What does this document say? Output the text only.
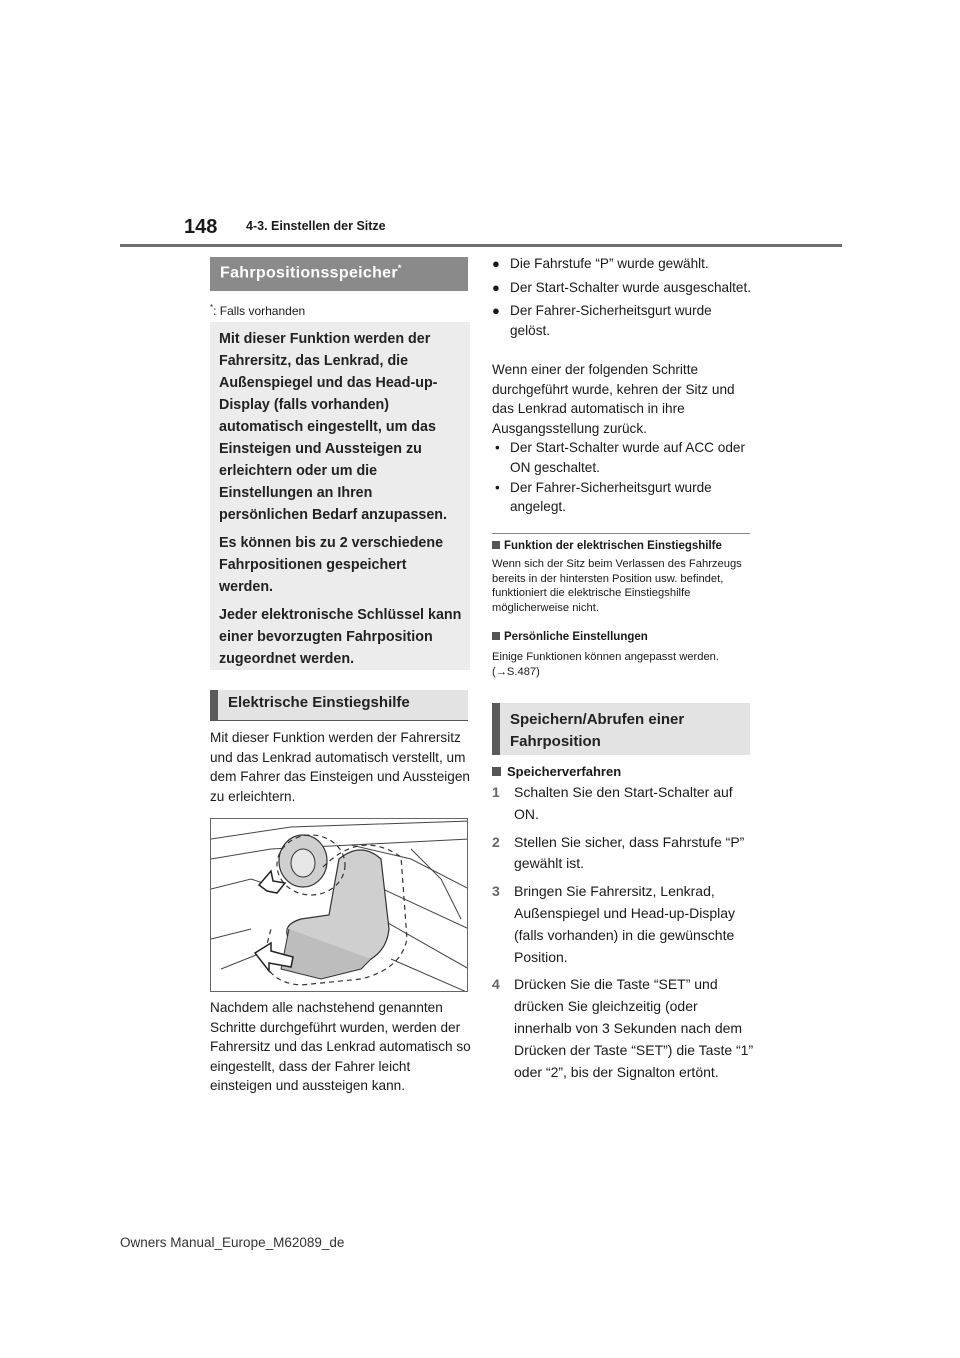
148 4-3. Einstellen der Sitze
Fahrpositionsspeicher*
*: Falls vorhanden

Mit dieser Funktion werden der Fahrersitz, das Lenkrad, die Außenspiegel und das Head-up-Display (falls vorhanden) automatisch eingestellt, um das Einsteigen und Aussteigen zu erleichtern oder um die Einstellungen an Ihren persönlichen Bedarf anzupassen.

Es können bis zu 2 verschiedene Fahrpositionen gespeichert werden.

Jeder elektronische Schlüssel kann einer bevorzugten Fahrposition zugeordnet werden.

Elektrische Einstiegshilfe
Mit dieser Funktion werden der Fahrersitz und das Lenkrad automatisch verstellt, um dem Fahrer das Einsteigen und Aussteigen zu erleichtern.
Nachdem alle nachstehend genannten Schritte durchgeführt wurden, werden der Fahrersitz und das Lenkrad automatisch so eingestellt, dass der Fahrer leicht einsteigen und aussteigen kann.
● Die Fahrstufe “P” wurde gewählt.
● Der Start-Schalter wurde ausgeschaltet.
● Der Fahrer-Sicherheitsgurt wurde gelöst.
Wenn einer der folgenden Schritte durchgeführt wurde, kehren der Sitz und das Lenkrad automatisch in ihre Ausgangsstellung zurück.
• Der Start-Schalter wurde auf ACC oder ON geschaltet.
• Der Fahrer-Sicherheitsgurt wurde angelegt.
Funktion der elektrischen Einstiegshilfe
Wenn sich der Sitz beim Verlassen des Fahrzeugs bereits in der hintersten Position usw. befindet, funktioniert die elektrische Einstiegshilfe möglicherweise nicht.
Persönliche Einstellungen
Einige Funktionen können angepasst werden. (→S.487)
Speichern/Abrufen einer Fahrposition
Speicherverfahren
1 Schalten Sie den Start-Schalter auf ON.
2 Stellen Sie sicher, dass Fahrstufe “P” gewählt ist.
3 Bringen Sie Fahrersitz, Lenkrad, Außenspiegel und Head-up-Display (falls vorhanden) in die gewünschte Position.
4 Drücken Sie die Taste “SET” und drücken Sie gleichzeitig (oder innerhalb von 3 Sekunden nach dem Drücken der Taste “SET”) die Taste “1” oder “2”, bis der Signalton ertönt.
Owners Manual_Europe_M62089_de
